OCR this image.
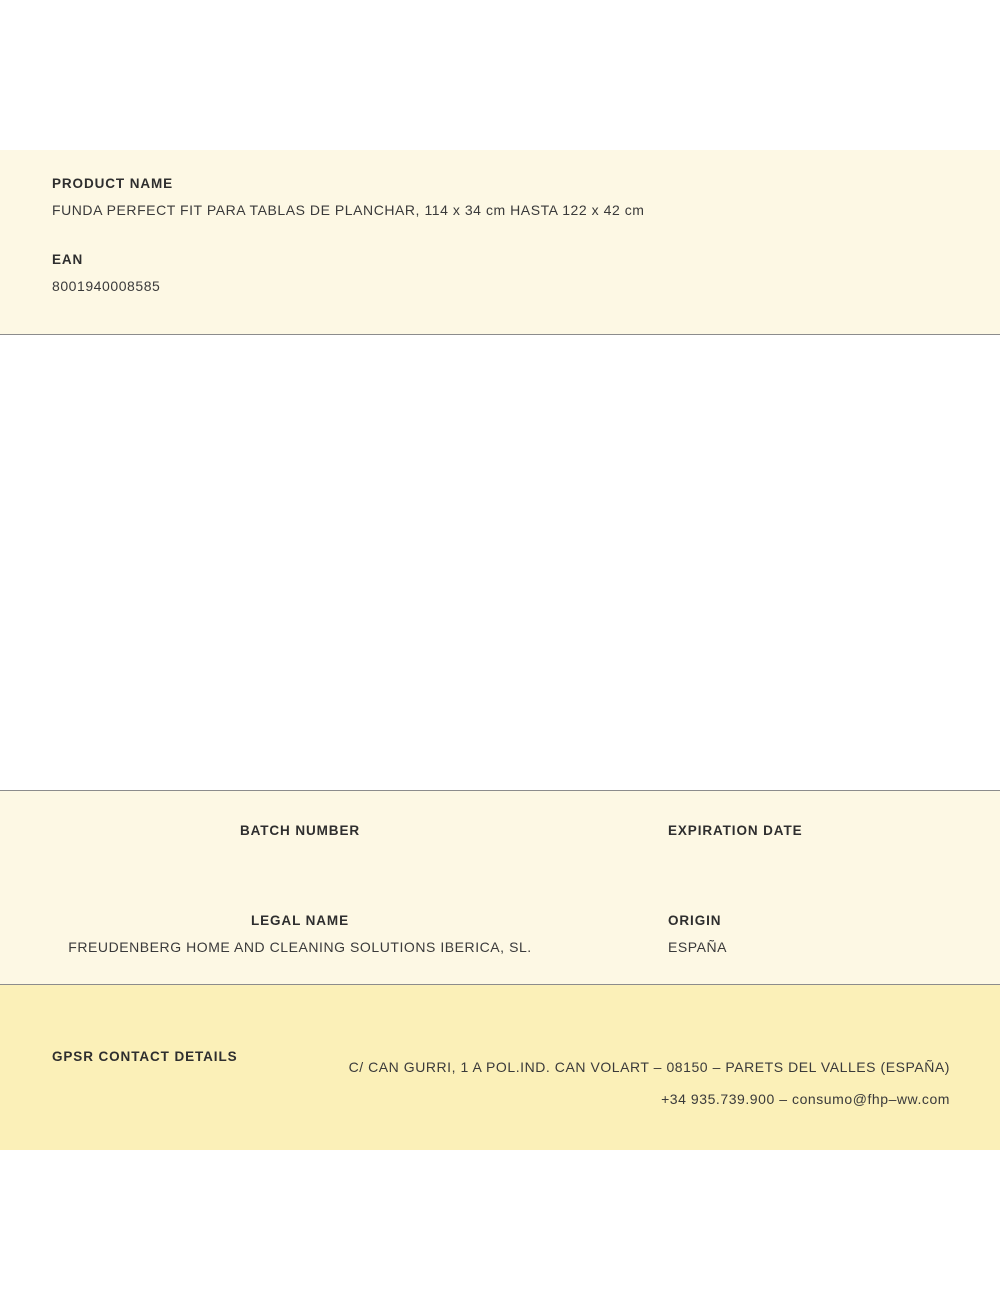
PRODUCT NAME

FUNDA PERFECT FIT PARA TABLAS DE PLANCHAR, 114 x 34 cm HASTA 122 x 42 cm

EAN

8001940008585

BATCH NUMBER	EXPIRATION DATE

LEGAL NAME

FREUDENBERG HOME AND CLEANING SOLUTIONS IBERICA, SL.

ORIGIN

ESPAÑA

GPSR CONTACT DETAILS

C/ CAN GURRI, 1 A POL.IND. CAN VOLART – 08150 – PARETS DEL VALLES (ESPAÑA)

+34 935.739.900 – consumo@fhp–ww.com
